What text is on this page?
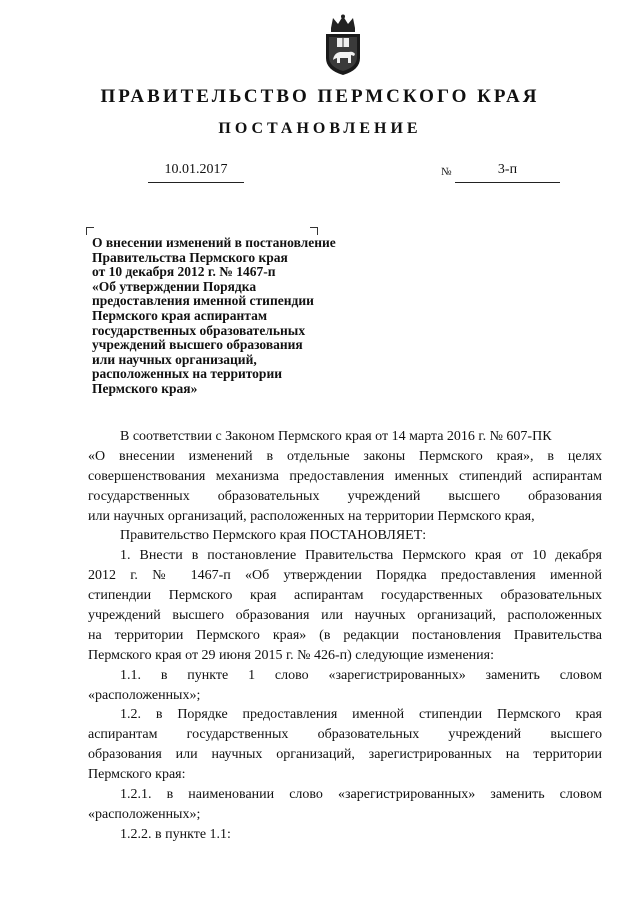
ПРАВИТЕЛЬСТВО ПЕРМСКОГО КРАЯ
ПОСТАНОВЛЕНИЕ
10.01.2017	№	3-п
О внесении изменений в постановление
Правительства Пермского края
от 10 декабря 2012 г. № 1467-п
«Об утверждении Порядка
предоставления именной стипендии
Пермского края аспирантам
государственных образовательных
учреждений высшего образования
или научных организаций,
расположенных на территории
Пермского края»
В соответствии с Законом Пермского края от 14 марта 2016 г. № 607-ПК
«О внесении изменений в отдельные законы Пермского края», в целях
совершенствования механизма предоставления именных стипендий аспирантам
государственных образовательных учреждений высшего образования
или научных организаций, расположенных на территории Пермского края,
Правительство Пермского края ПОСТАНОВЛЯЕТ:
1. Внести в постановление Правительства Пермского края от 10 декабря
2012 г. № 1467-п «Об утверждении Порядка предоставления именной
стипендии Пермского края аспирантам государственных образовательных
учреждений высшего образования или научных организаций, расположенных
на территории Пермского края» (в редакции постановления Правительства
Пермского края от 29 июня 2015 г. № 426-п) следующие изменения:
1.1. в пункте 1 слово «зарегистрированных» заменить словом
«расположенных»;
1.2. в Порядке предоставления именной стипендии Пермского края
аспирантам государственных образовательных учреждений высшего
образования или научных организаций, зарегистрированных на территории
Пермского края:
1.2.1. в наименовании слово «зарегистрированных» заменить словом
«расположенных»;
1.2.2. в пункте 1.1:
